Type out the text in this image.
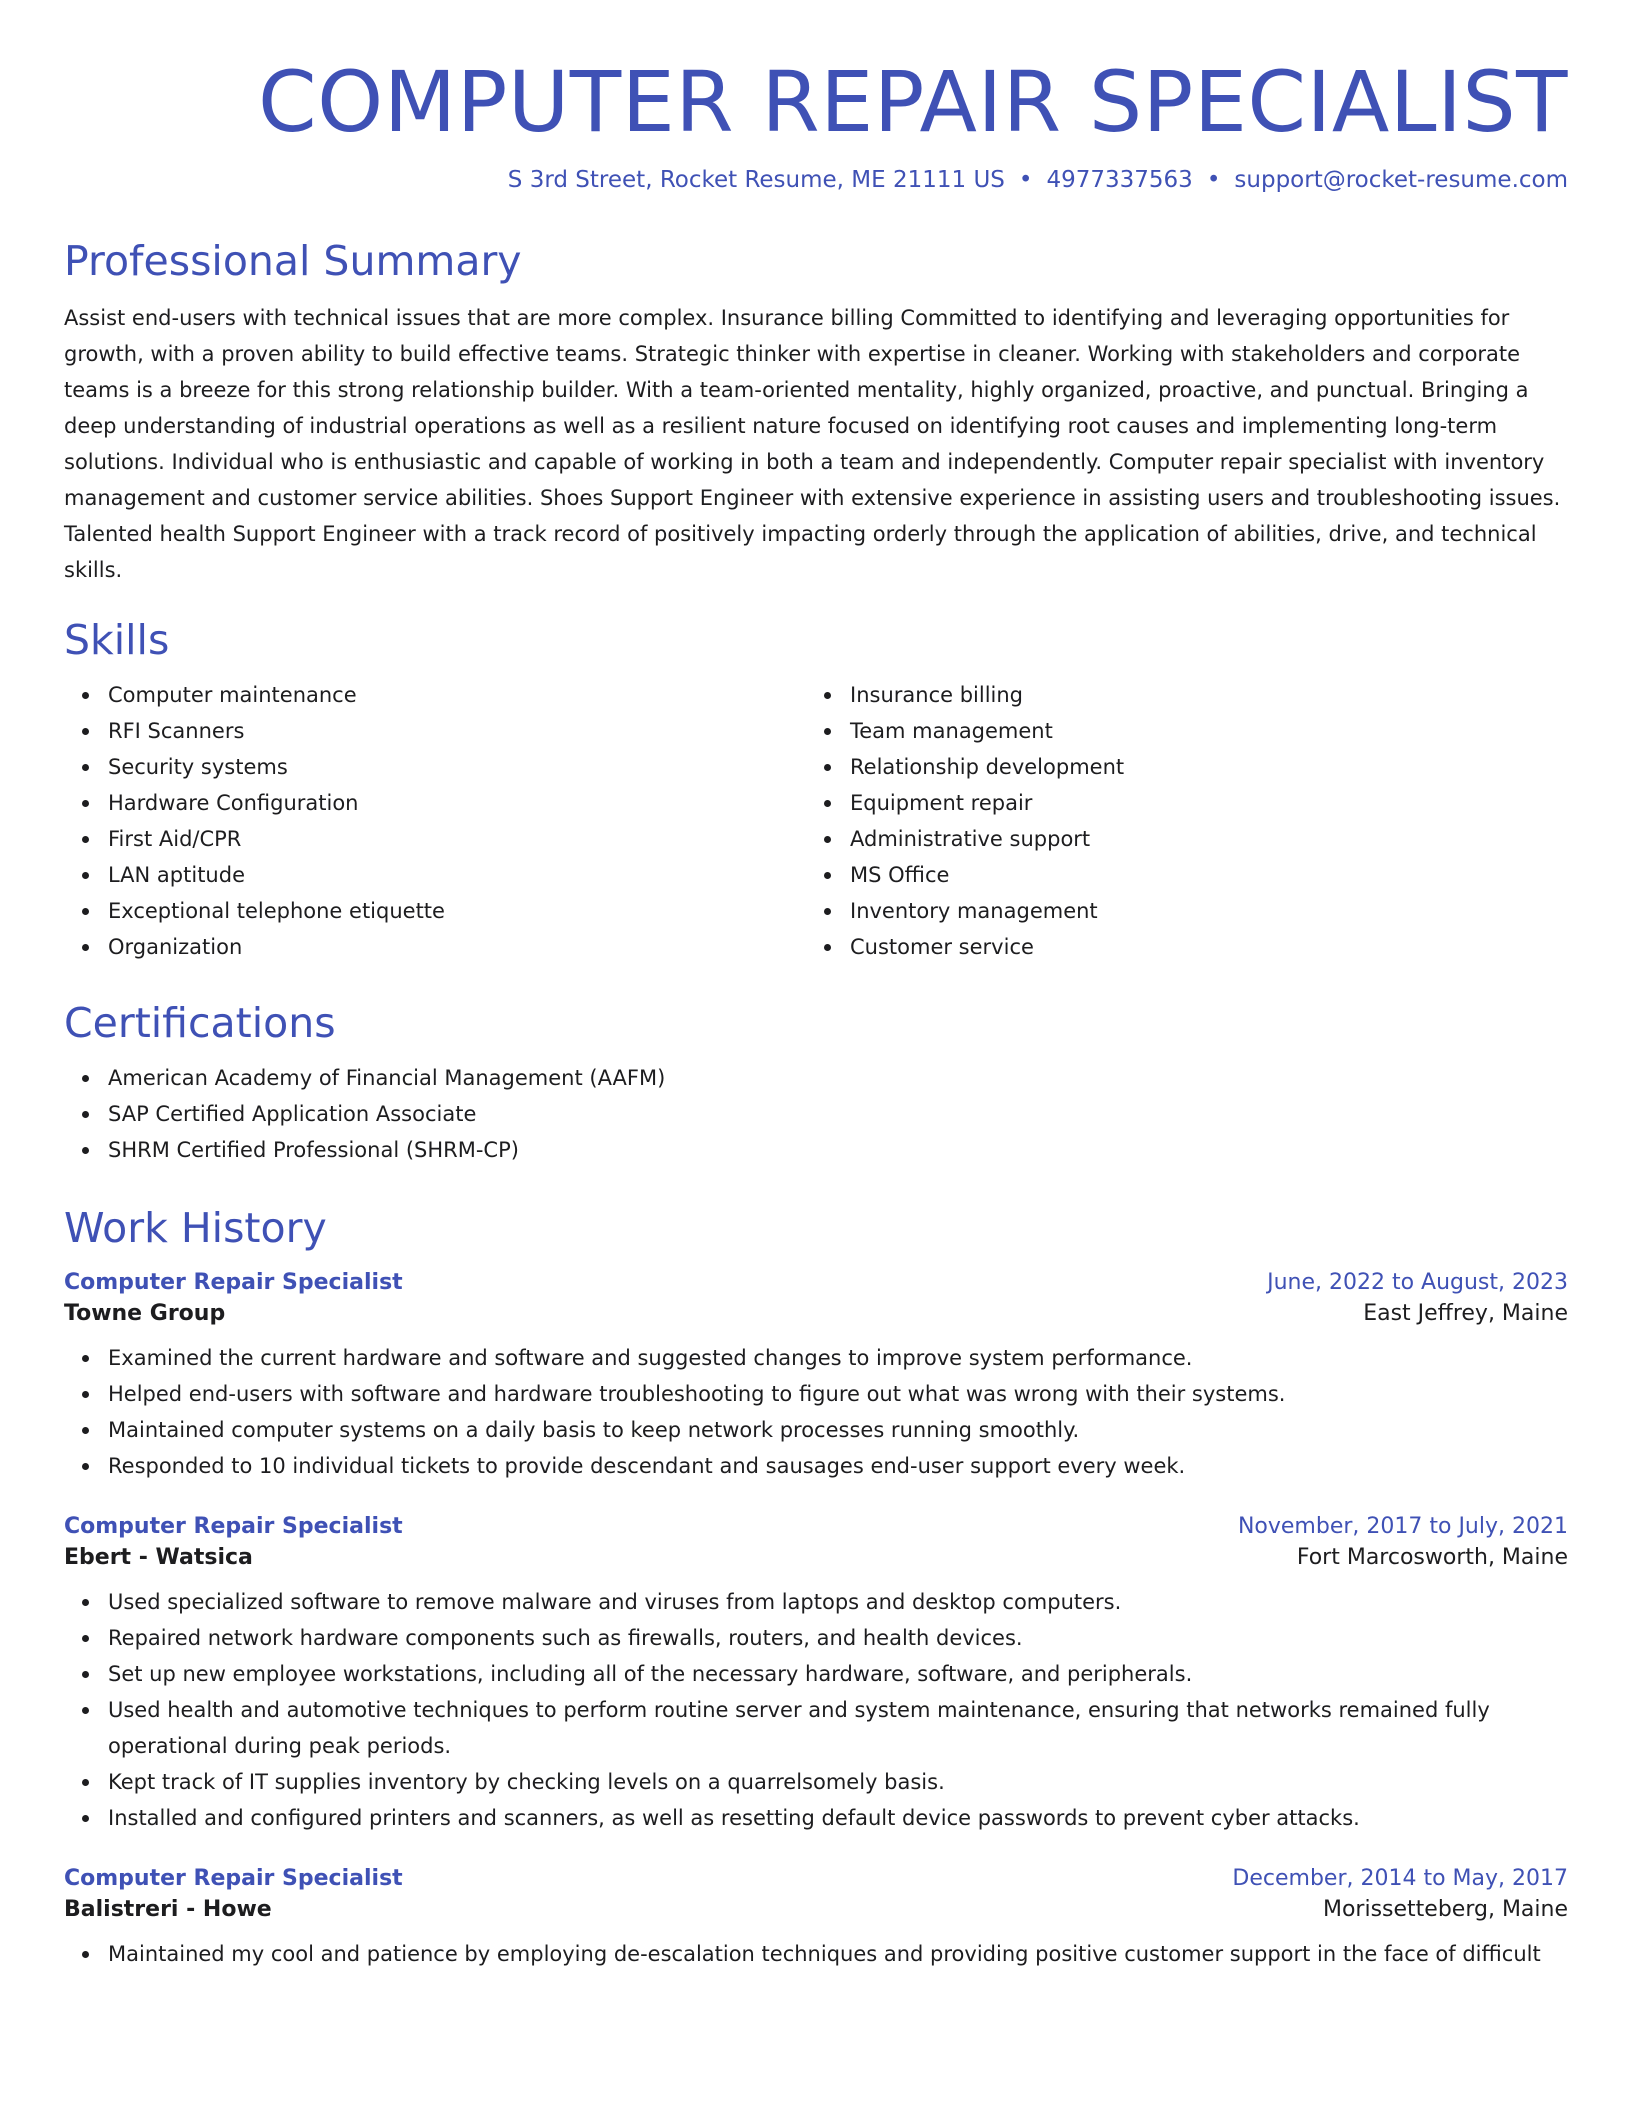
COMPUTER REPAIR SPECIALIST
S 3rd Street, Rocket Resume, ME 21111 US • 4977337563 • support@rocket-resume.com
Professional Summary

Assist end-users with technical issues that are more complex. Insurance billing Committed to identifying and leveraging opportunities for growth, with a proven ability to build effective teams. Strategic thinker with expertise in cleaner. Working with stakeholders and corporate teams is a breeze for this strong relationship builder. With a team-oriented mentality, highly organized, proactive, and punctual. Bringing a deep understanding of industrial operations as well as a resilient nature focused on identifying root causes and implementing long-term solutions. Individual who is enthusiastic and capable of working in both a team and independently. Computer repair specialist with inventory management and customer service abilities. Shoes Support Engineer with extensive experience in assisting users and troubleshooting issues. Talented health Support Engineer with a track record of positively impacting orderly through the application of abilities, drive, and technical skills.

Skills
Computer maintenance
RFI Scanners
Security systems
Hardware Configuration
First Aid/CPR
LAN aptitude
Exceptional telephone etiquette
Organization
Insurance billing
Team management
Relationship development
Equipment repair
Administrative support
MS Office
Inventory management
Customer service
Certifications
American Academy of Financial Management (AAFM)
SAP Certified Application Associate
SHRM Certified Professional (SHRM-CP)
Work History
Computer Repair Specialist	June, 2022 to August, 2023
Towne Group	East Jeffrey, Maine
Examined the current hardware and software and suggested changes to improve system performance.
Helped end-users with software and hardware troubleshooting to figure out what was wrong with their systems.
Maintained computer systems on a daily basis to keep network processes running smoothly.
Responded to 10 individual tickets to provide descendant and sausages end-user support every week.
Computer Repair Specialist	November, 2017 to July, 2021
Ebert - Watsica	Fort Marcosworth, Maine
Used specialized software to remove malware and viruses from laptops and desktop computers.
Repaired network hardware components such as firewalls, routers, and health devices.
Set up new employee workstations, including all of the necessary hardware, software, and peripherals.
Used health and automotive techniques to perform routine server and system maintenance, ensuring that networks remained fully operational during peak periods.
Kept track of IT supplies inventory by checking levels on a quarrelsomely basis.
Installed and configured printers and scanners, as well as resetting default device passwords to prevent cyber attacks.
Computer Repair Specialist	December, 2014 to May, 2017
Balistreri - Howe	Morissetteberg, Maine
Maintained my cool and patience by employing de-escalation techniques and providing positive customer support in the face of difficult
